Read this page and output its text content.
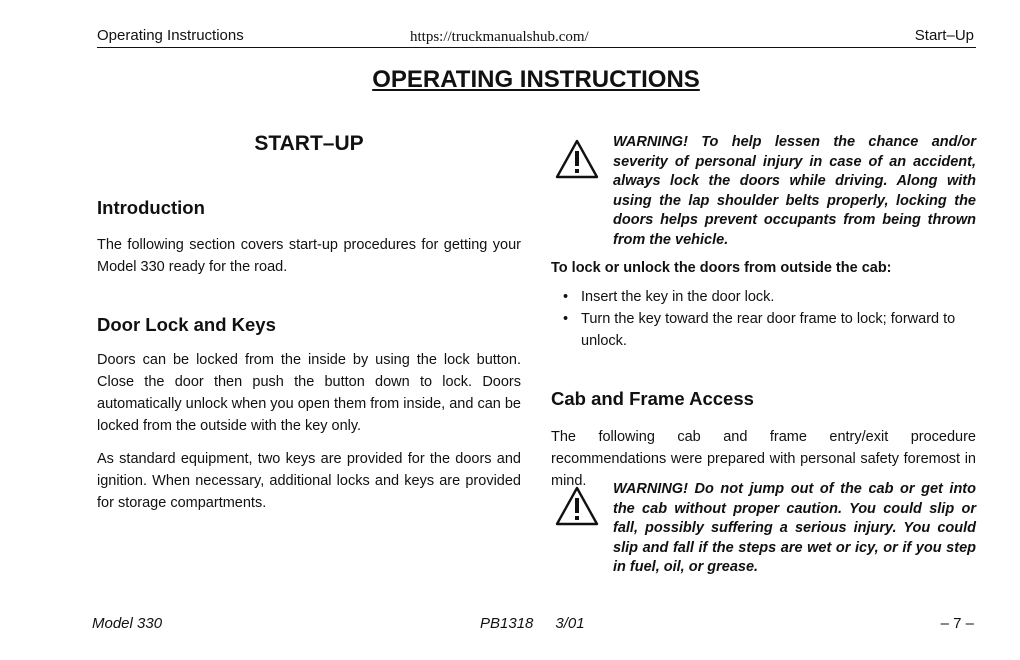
Operating Instructions	https://truckmanualshub.com/	Start–Up
OPERATING INSTRUCTIONS
START–UP
Introduction

The following section covers start-up procedures for getting your Model 330 ready for the road.

Door Lock and Keys

Doors can be locked from the inside by using the lock button. Close the door then push the button down to lock. Doors automatically unlock when you open them from inside, and can be locked from the outside with the key only.

As standard equipment, two keys are provided for the doors and ignition. When necessary, additional locks and keys are provided for storage compartments.

WARNING! To help lessen the chance and/or severity of personal injury in case of an accident, always lock the doors while driving. Along with using the lap shoulder belts properly, locking the doors helps prevent occupants from being thrown from the vehicle.
To lock or unlock the doors from outside the cab:
• Insert the key in the door lock.
• Turn the key toward the rear door frame to lock; forward to unlock.
Cab and Frame Access

The following cab and frame entry/exit procedure recommendations were prepared with personal safety foremost in mind.	WARNING! Do not jump out of the cab or get into the cab without proper caution. You could slip or fall, possibly suffering a serious injury. You could slip and fall if the steps are wet or icy, or if you step in fuel, oil, or grease.
Model 330	PB1318 3/01	– 7 –
